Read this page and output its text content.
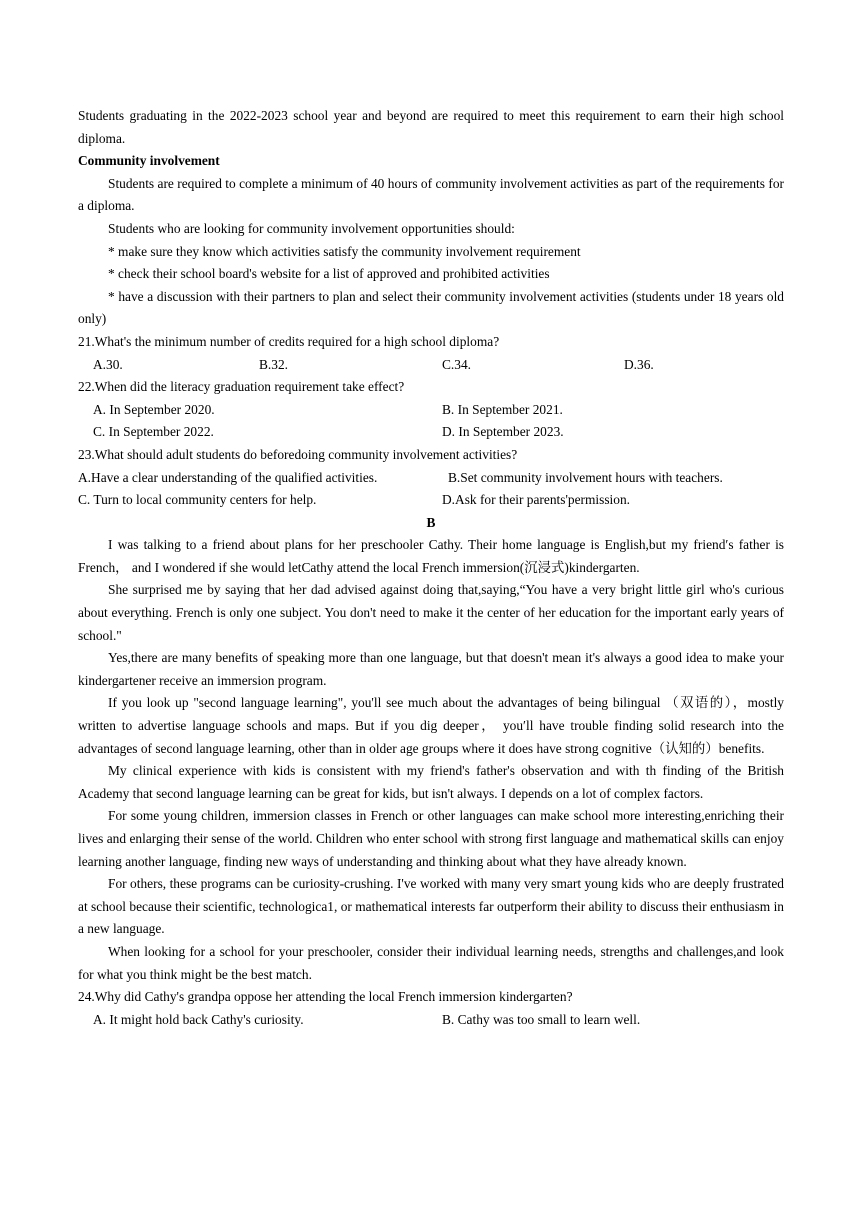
Students graduating in the 2022-2023 school year and beyond are required to meet this requirement to earn their high school diploma.

Community involvement

Students are required to complete a minimum of 40 hours of community involvement activities as part of the requirements for a diploma.

Students who are looking for community involvement opportunities should:

* make sure they know which activities satisfy the community involvement requirement

* check their school board's website for a list of approved and prohibited activities

* have a discussion with their partners to plan and select their community involvement activities (students under 18 years old only)

21.What's the minimum number of credits required for a high school diploma?

A.30.	B.32.	C.34.	D.36.

22.When did the literacy graduation requirement take effect?

A. In September 2020.	B. In September 2021.
C. In September 2022.	D. In September 2023.

23.What should adult students do beforedoing community involvement activities?

A.Have a clear understanding of the qualified activities.	B.Set community involvement hours with teachers.
C. Turn to local community centers for help.	D.Ask for their parents'permission.

B

I was talking to a friend about plans for her preschooler Cathy. Their home language is English,but my friend′s father is French， and I wondered if she would letCathy attend the local French immersion(沉浸式)kindergarten.

She surprised me by saying that her dad advised against doing that,saying,“You have a very bright little girl who's curious about everything. French is only one subject. You don't need to make it the center of her education for the important early years of school."

Yes,there are many benefits of speaking more than one language, but that doesn't mean it's always a good idea to make your kindergartener receive an immersion program.

If you look up "second language learning", you'll see much about the advantages of being bilingual （双语的），mostly written to advertise language schools and maps. But if you dig deeper， you′ll have trouble finding solid research into the advantages of second language learning, other than in older age groups where it does have strong cognitive（认知的）benefits.

My clinical experience with kids is consistent with my friend's father's observation and with th finding of the British Academy that second language learning can be great for kids, but isn't always. I depends on a lot of complex factors.

For some young children, immersion classes in French or other languages can make school more interesting,enriching their lives and enlarging their sense of the world. Children who enter school with strong first language and mathematical skills can enjoy learning another language, finding new ways of understanding and thinking about what they have already known.

For others, these programs can be curiosity-crushing. I've worked with many very smart young kids who are deeply frustrated at school because their scientific, technologica1, or mathematical interests far outperform their ability to discuss their enthusiasm in a new language.

When looking for a school for your preschooler, consider their individual learning needs, strengths and challenges,and look for what you think might be the best match.

24.Why did Cathy's grandpa oppose her attending the local French immersion kindergarten?

A. It might hold back Cathy's curiosity.	B. Cathy was too small to learn well.
